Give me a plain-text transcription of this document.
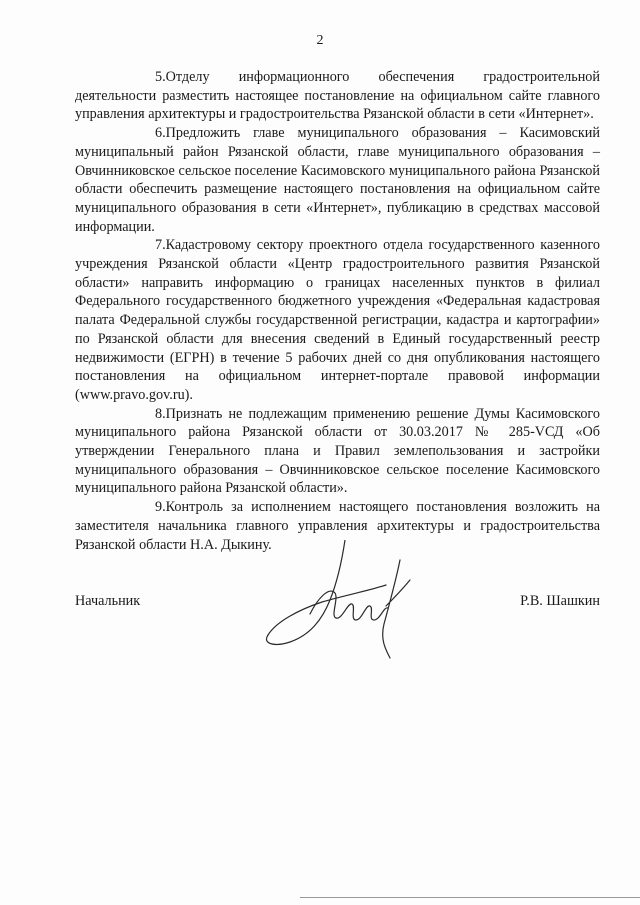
2

5.Отделу информационного обеспечения градостроительной деятельности разместить настоящее постановление на официальном сайте главного управления архитектуры и градостроительства Рязанской области в сети «Интернет».

6.Предложить главе муниципального образования – Касимовский муниципальный район Рязанской области, главе муниципального образования – Овчинниковское сельское поселение Касимовского муниципального района Рязанской области обеспечить размещение настоящего постановления на официальном сайте муниципального образования в сети «Интернет», публикацию в средствах массовой информации.

7.Кадастровому сектору проектного отдела государственного казенного учреждения Рязанской области «Центр градостроительного развития Рязанской области» направить информацию о границах населенных пунктов в филиал Федерального государственного бюджетного учреждения «Федеральная кадастровая палата Федеральной службы государственной регистрации, кадастра и картографии» по Рязанской области для внесения сведений в Единый государственный реестр недвижимости (ЕГРН) в течение 5 рабочих дней со дня опубликования настоящего постановления на официальном интернет-портале правовой информации (www.pravo.gov.ru).

8.Признать не подлежащим применению решение Думы Касимовского муниципального района Рязанской области от 30.03.2017 № 285-VСД «Об утверждении Генерального плана и Правил землепользования и застройки муниципального образования – Овчинниковское сельское поселение Касимовского муниципального района Рязанской области».

9.Контроль за исполнением настоящего постановления возложить на заместителя начальника главного управления архитектуры и градостроительства Рязанской области Н.А. Дыкину.

Начальник	Р.В. Шашкин
